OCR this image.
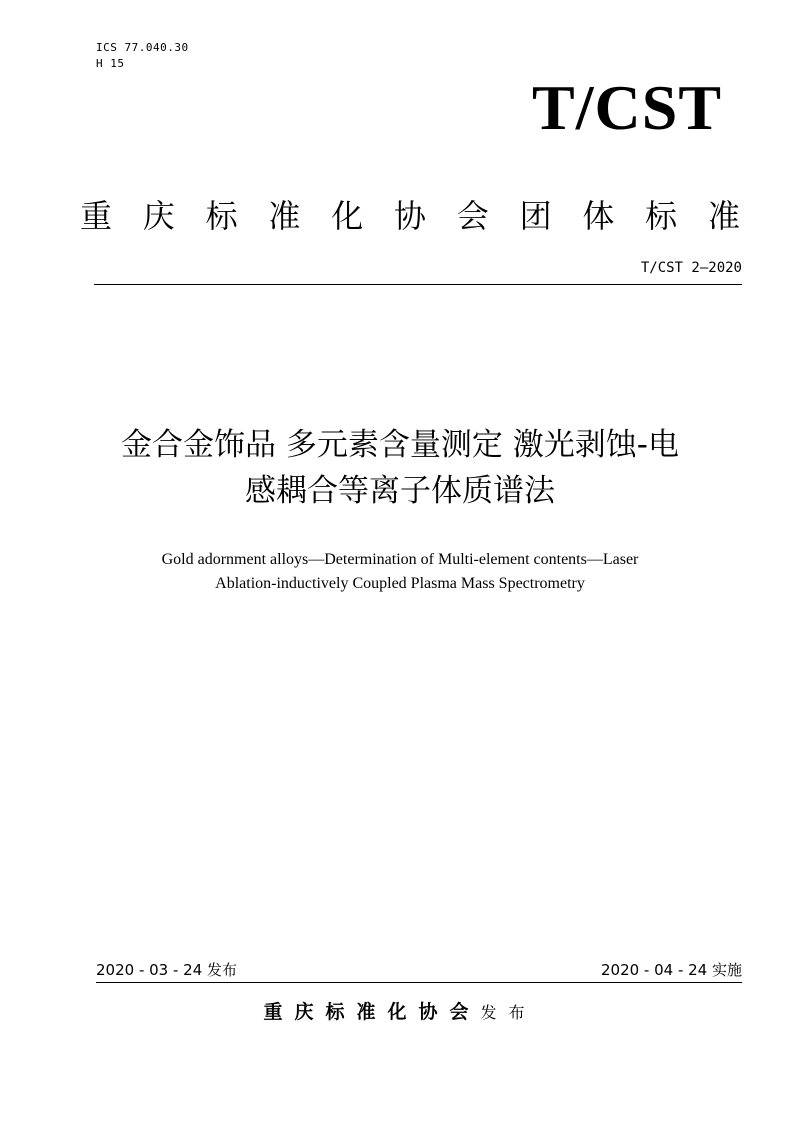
ICS 77.040.30
H 15
T/CST
重 庆 标 准 化 协 会 团 体 标 准
T/CST 2—2020
金合金饰品 多元素含量测定 激光剥蚀-电
感耦合等离子体质谱法
Gold adornment alloys—Determination of Multi-element contents—Laser
Ablation-inductively Coupled Plasma Mass Spectrometry
2020 - 03 - 24 发布	2020 - 04 - 24 实施
重庆标准化协会发布
